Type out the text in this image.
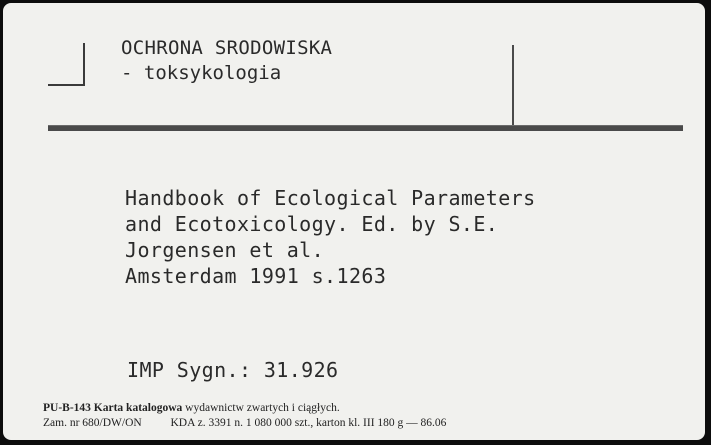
OCHRONA SRODOWISKA
- toksykologia
Handbook of Ecological Parameters
and Ecotoxicology. Ed. by S.E.
Jorgensen et al.
Amsterdam 1991 s.1263
IMP Sygn.: 31.926
PU-B-143 Karta katalogowa wydawnictw zwartych i ciągłych.
Zam. nr 680/DW/ON	KDA z. 3391 n. 1 080 000 szt., karton kl. III 180 g — 86.06
